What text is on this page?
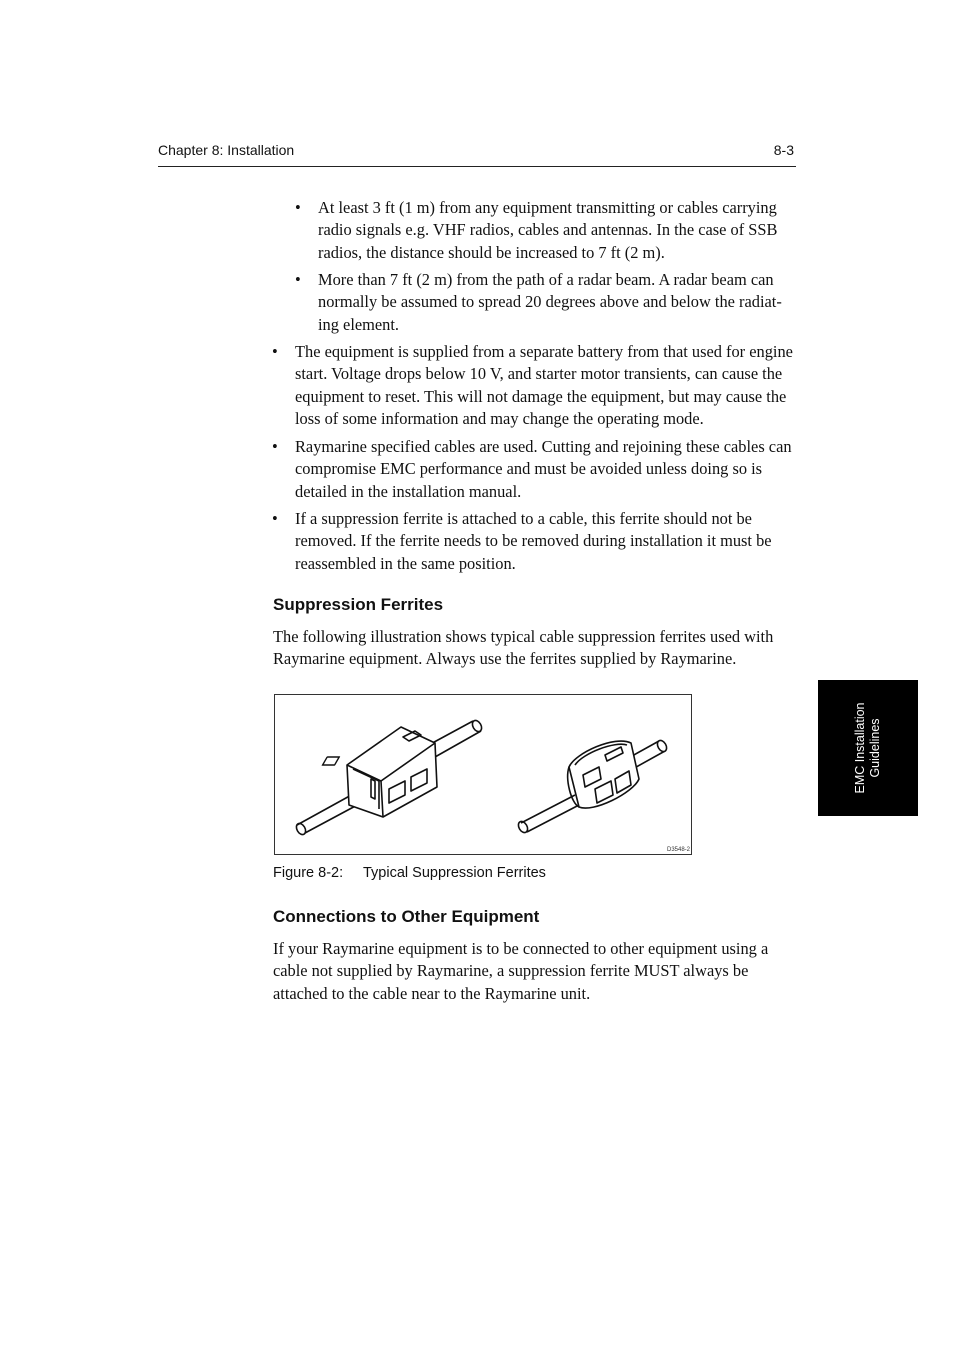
Chapter 8: Installation	8-3
• At least 3 ft (1 m) from any equipment transmitting or cables carrying radio signals e.g. VHF radios, cables and antennas. In the case of SSB radios, the distance should be increased to 7 ft (2 m).
• More than 7 ft (2 m) from the path of a radar beam. A radar beam can normally be assumed to spread 20 degrees above and below the radiat-ing element.
• The equipment is supplied from a separate battery from that used for engine start. Voltage drops below 10 V, and starter motor transients, can cause the equipment to reset. This will not damage the equipment, but may cause the loss of some information and may change the operating mode.
• Raymarine specified cables are used. Cutting and rejoining these cables can compromise EMC performance and must be avoided unless doing so is detailed in the installation manual.
• If a suppression ferrite is attached to a cable, this ferrite should not be removed. If the ferrite needs to be removed during installation it must be reassembled in the same position.
Suppression Ferrites
The following illustration shows typical cable suppression ferrites used with Raymarine equipment. Always use the ferrites supplied by Raymarine.
D3548-2
Figure 8-2: Typical Suppression Ferrites
Connections to Other Equipment
If your Raymarine equipment is to be connected to other equipment using a cable not supplied by Raymarine, a suppression ferrite MUST always be attached to the cable near to the Raymarine unit.
EMC Installation Guidelines
